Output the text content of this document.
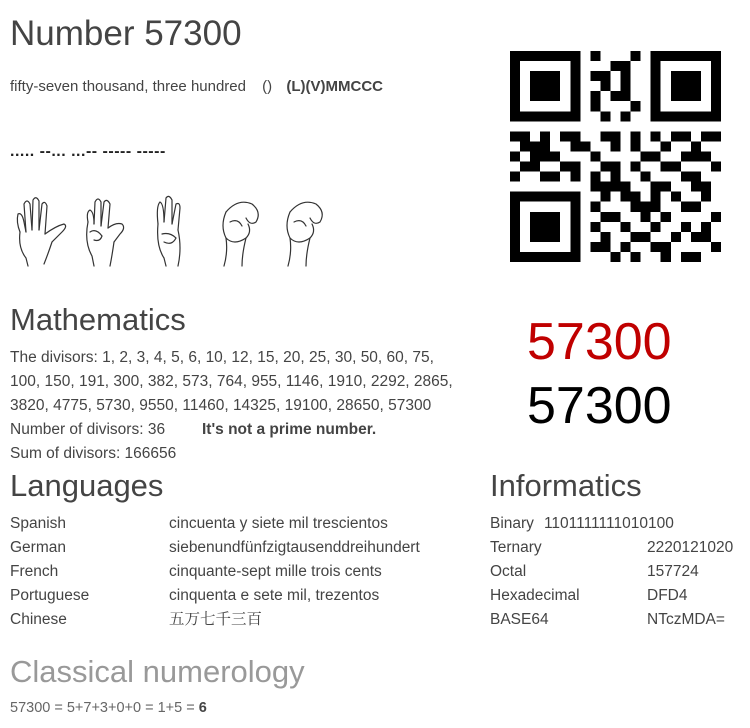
Number 57300
fifty-seven thousand, three hundred () (L)(V)MMCCC
..... --... ...-- ----- -----
Mathematics
The divisors: 1, 2, 3, 4, 5, 6, 10, 12, 15, 20, 25, 30, 50, 60, 75,
100, 150, 191, 300, 382, 573, 764, 955, 1146, 1910, 2292, 2865,
3820, 4775, 5730, 9550, 11460, 14325, 19100, 28650, 57300
Number of divisors: 36 It's not a prime number.
Sum of divisors: 166656
57300
57300
Languages
Spanish	cincuenta y siete mil trescientos
German	siebenundfünfzigtausenddreihundert
French	cinquante-sept mille trois cents
Portuguese	cinquenta e sete mil, trezentos
Chinese	五万七千三百
Informatics
Binary 1101111111010100
Ternary	2220121020
Octal	157724
Hexadecimal	DFD4
BASE64	NTczMDA=
Classical numerology
57300 = 5+7+3+0+0 = 1+5 = 6
